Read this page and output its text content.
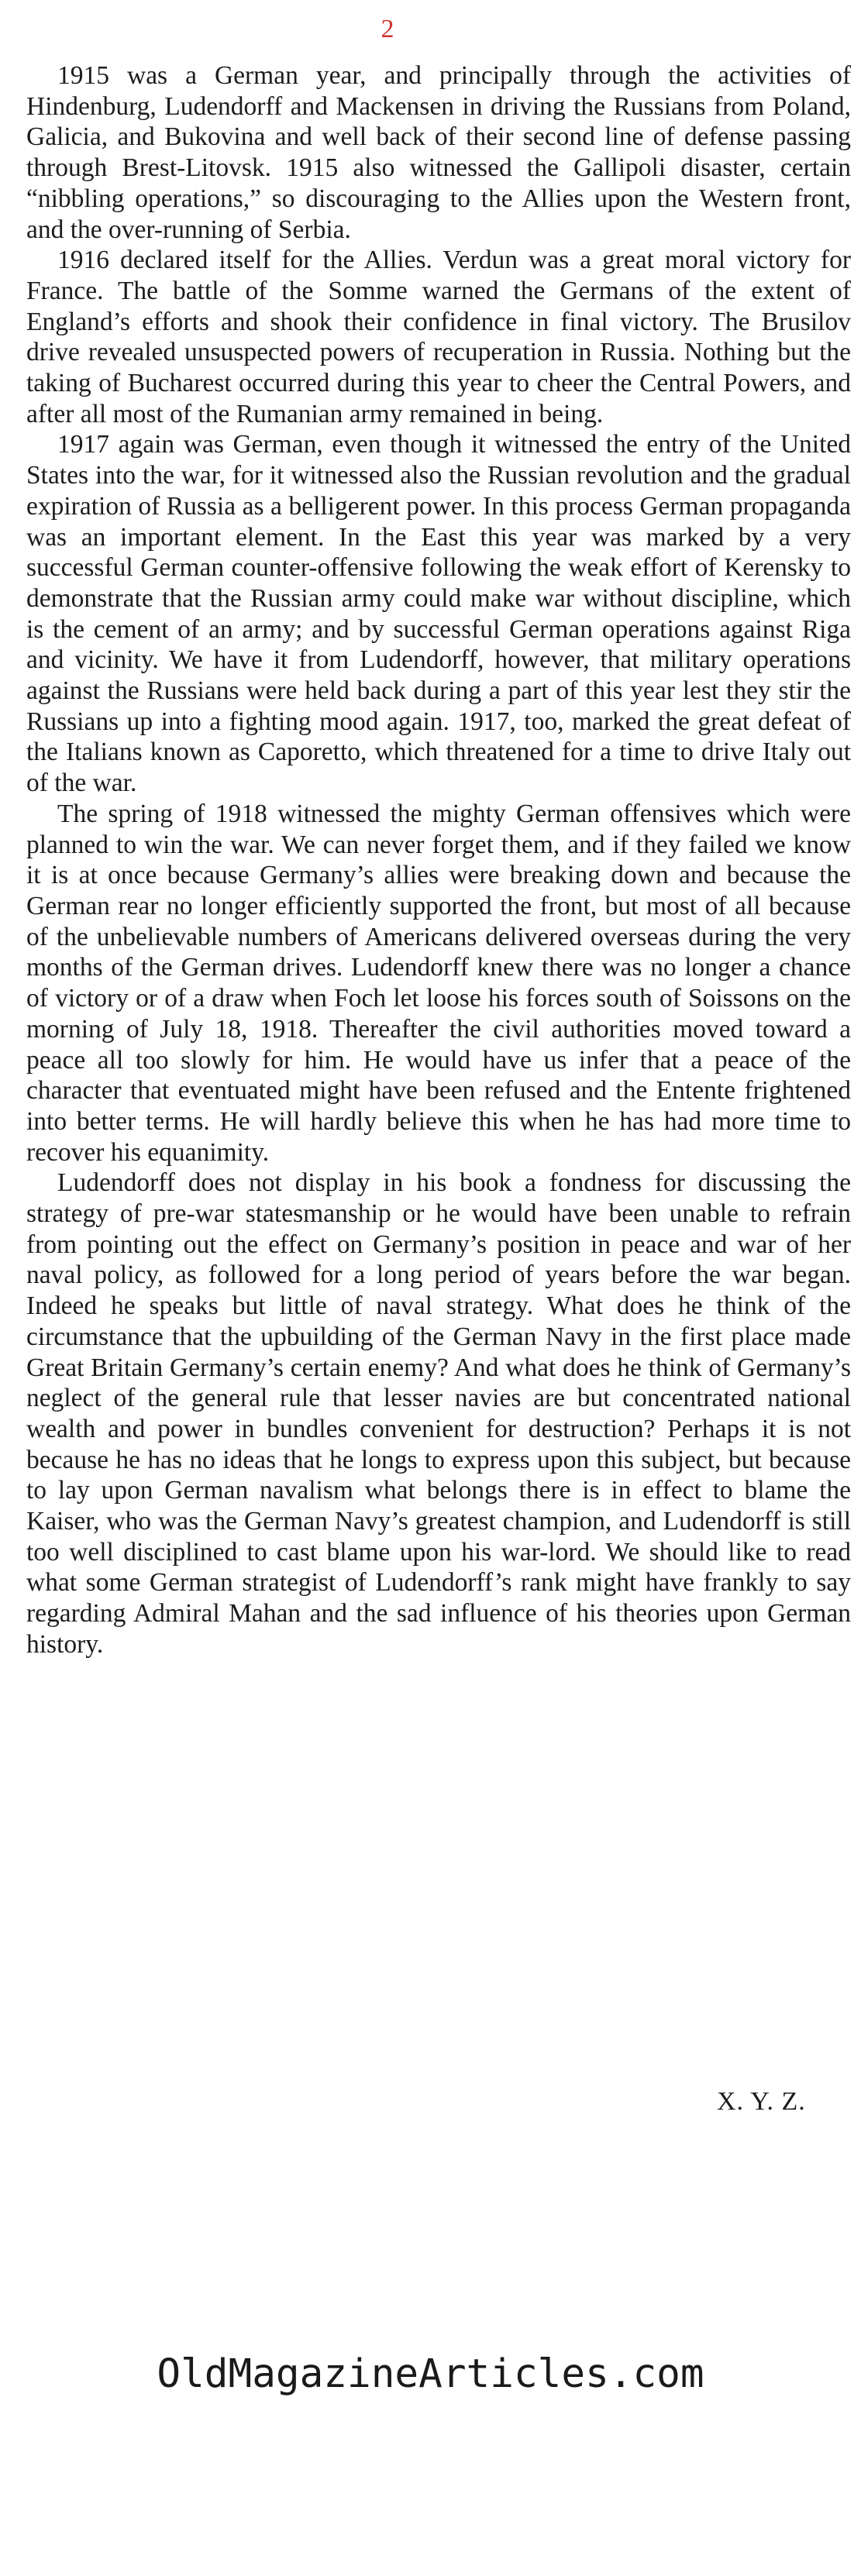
2

1915 was a German year, and principally through the activities of Hindenburg, Ludendorff and Mackensen in driving the Russians from Poland, Galicia, and Bukovina and well back of their second line of defense passing through Brest-Litovsk. 1915 also witnessed the Gallipoli disaster, certain “nibbling operations,” so discouraging to the Allies upon the Western front, and the over-running of Serbia.

1916 declared itself for the Allies. Verdun was a great moral victory for France. The battle of the Somme warned the Germans of the extent of England’s efforts and shook their confidence in final victory. The Brusilov drive revealed unsuspected powers of recuperation in Russia. Nothing but the taking of Bucharest occurred during this year to cheer the Central Powers, and after all most of the Rumanian army remained in being.

1917 again was German, even though it witnessed the entry of the United States into the war, for it witnessed also the Russian revolution and the gradual expiration of Russia as a belligerent power. In this process German propaganda was an important element. In the East this year was marked by a very successful German counter-offensive following the weak effort of Kerensky to demonstrate that the Russian army could make war without discipline, which is the cement of an army; and by successful German operations against Riga and vicinity. We have it from Ludendorff, however, that military operations against the Russians were held back during a part of this year lest they stir the Russians up into a fighting mood again. 1917, too, marked the great defeat of the Italians known as Caporetto, which threatened for a time to drive Italy out of the war.

The spring of 1918 witnessed the mighty German offensives which were planned to win the war. We can never forget them, and if they failed we know it is at once because Germany’s allies were breaking down and because the German rear no longer efficiently supported the front, but most of all because of the unbelievable numbers of Americans delivered overseas during the very months of the German drives. Ludendorff knew there was no longer a chance of victory or of a draw when Foch let loose his forces south of Soissons on the morning of July 18, 1918. Thereafter the civil authorities moved toward a peace all too slowly for him. He would have us infer that a peace of the character that eventuated might have been refused and the Entente frightened into better terms. He will hardly believe this when he has had more time to recover his equanimity.

Ludendorff does not display in his book a fondness for discussing the strategy of pre-war statesmanship or he would have been unable to refrain from pointing out the effect on Germany’s position in peace and war of her naval policy, as followed for a long period of years before the war began. Indeed he speaks but little of naval strategy. What does he think of the circumstance that the upbuilding of the German Navy in the first place made Great Britain Germany’s certain enemy? And what does he think of Germany’s neglect of the general rule that lesser navies are but concentrated national wealth and power in bundles convenient for destruction? Perhaps it is not because he has no ideas that he longs to express upon this subject, but because to lay upon German navalism what belongs there is in effect to blame the Kaiser, who was the German Navy’s greatest champion, and Ludendorff is still too well disciplined to cast blame upon his war-lord. We should like to read what some German strategist of Ludendorff’s rank might have frankly to say regarding Admiral Mahan and the sad influence of his theories upon German history.

X. Y. Z.
OldMagazineArticles.com
